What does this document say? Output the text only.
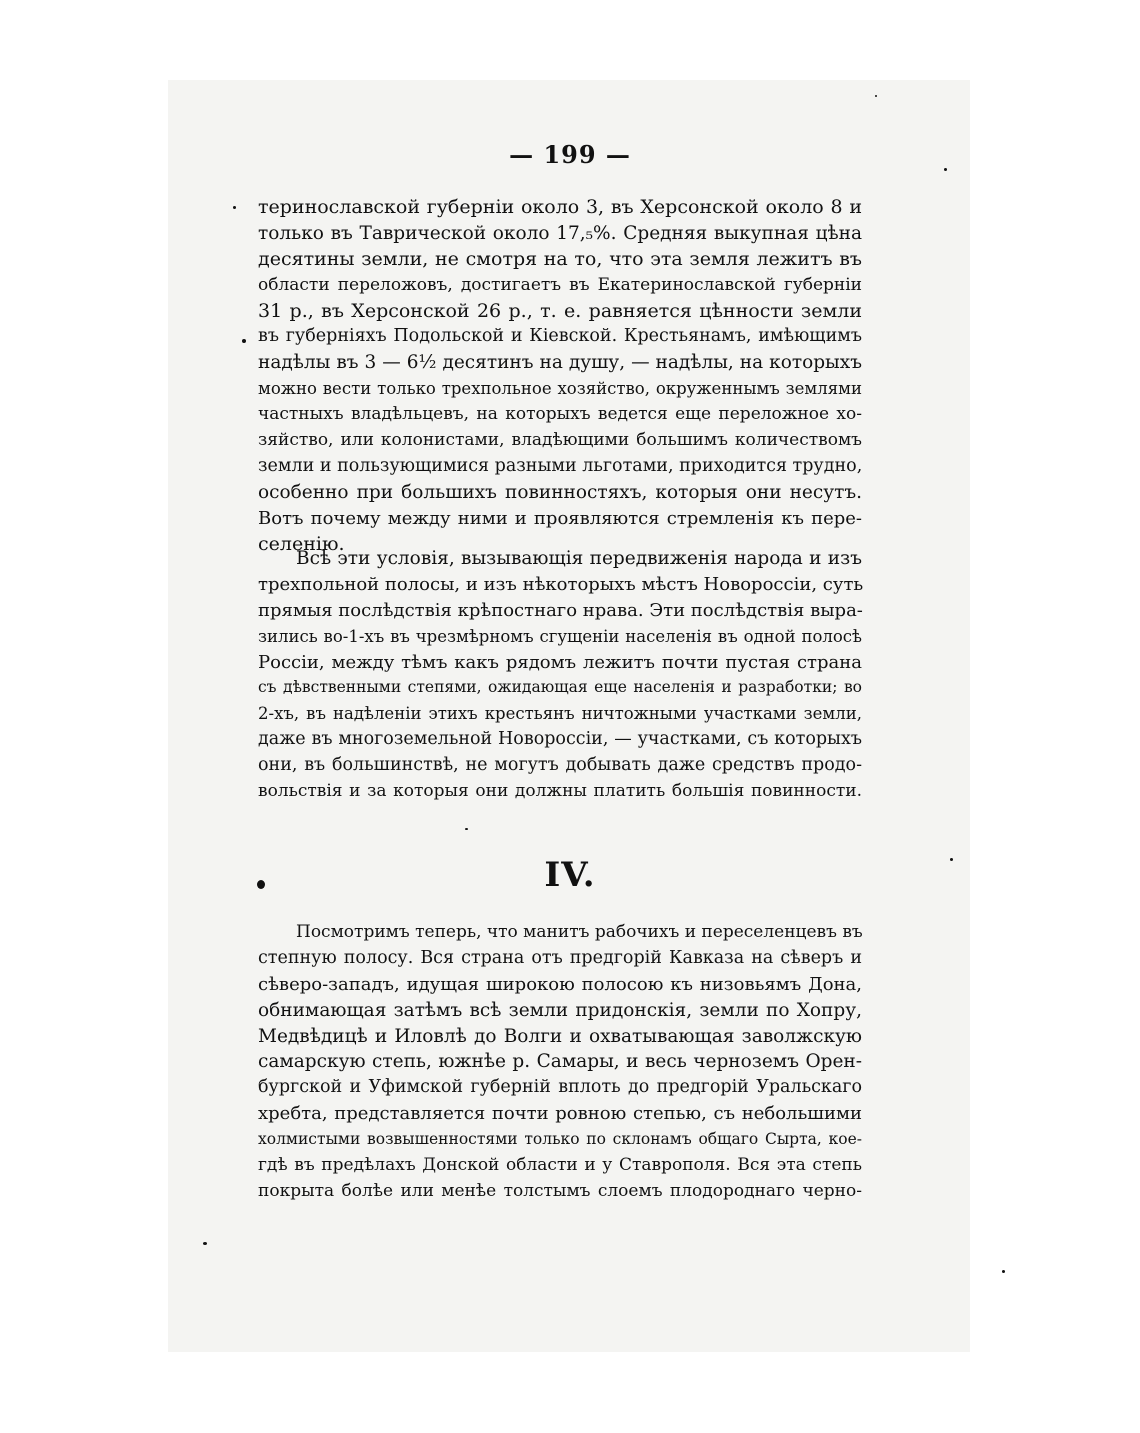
— 199 —
теринославской губерніи около 3, въ Херсонской около 8 и
только въ Таврической около 17,₅%. Средняя выкупная цѣна
десятины земли, не смотря на то, что эта земля лежитъ въ
области переложовъ, достигаетъ въ Екатеринославской губерніи
31 р., въ Херсонской 26 р., т. е. равняется цѣнности земли
въ губерніяхъ Подольской и Кіевской. Крестьянамъ, имѣющимъ
надѣлы въ 3 — 6½ десятинъ на душу, — надѣлы, на которыхъ
можно вести только трехпольное хозяйство, окруженнымъ землями
частныхъ владѣльцевъ, на которыхъ ведется еще переложное хо-
зяйство, или колонистами, владѣющими большимъ количествомъ
земли и пользующимися разными льготами, приходится трудно,
особенно при большихъ повинностяхъ, которыя они несутъ.
Вотъ почему между ними и проявляются стремленія къ пере-
селенію.
Всѣ эти условія, вызывающія передвиженія народа и изъ
трехпольной полосы, и изъ нѣкоторыхъ мѣстъ Новороссіи, суть
прямыя послѣдствія крѣпостнаго нрава. Эти послѣдствія выра-
зились во-1-хъ въ чрезмѣрномъ сгущеніи населенія въ одной полосѣ
Россіи, между тѣмъ какъ рядомъ лежитъ почти пустая страна
съ дѣвственными степями, ожидающая еще населенія и разработки; во
2-хъ, въ надѣленіи этихъ крестьянъ ничтожными участками земли,
даже въ многоземельной Новороссіи, — участками, съ которыхъ
они, въ большинствѣ, не могутъ добывать даже средствъ продо-
вольствія и за которыя они должны платить большія повинности.
IV.
Посмотримъ теперь, что манитъ рабочихъ и переселенцевъ въ
степную полосу. Вся страна отъ предгорій Кавказа на сѣверъ и
сѣверо-западъ, идущая широкою полосою къ низовьямъ Дона,
обнимающая затѣмъ всѣ земли придонскія, земли по Хопру,
Медвѣдицѣ и Иловлѣ до Волги и охватывающая заволжскую
самарскую степь, южнѣе р. Самары, и весь черноземъ Орен-
бургской и Уфимской губерній вплоть до предгорій Уральскаго
хребта, представляется почти ровною степью, съ небольшими
холмистыми возвышенностями только по склонамъ общаго Сырта, кое-
гдѣ въ предѣлахъ Донской области и у Ставрополя. Вся эта степь
покрыта болѣе или менѣе толстымъ слоемъ плодороднаго черно-
